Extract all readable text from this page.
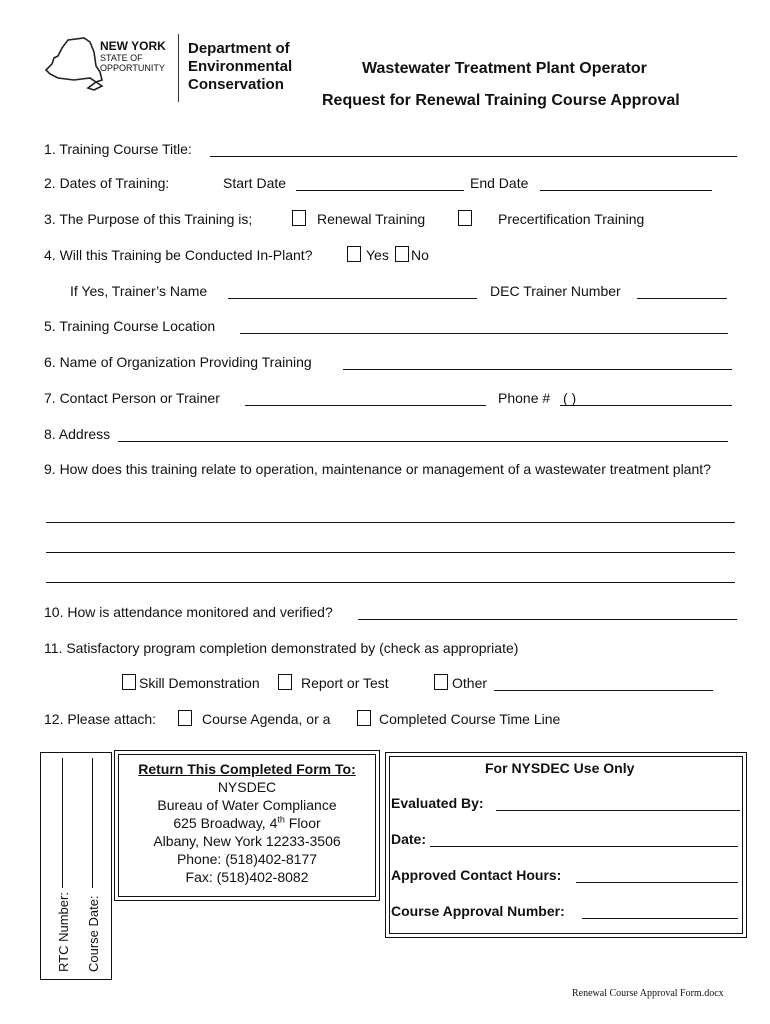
NEW YORK
STATE OF
OPPORTUNITY
Department of
Environmental
Conservation
Wastewater Treatment Plant Operator
Request for Renewal Training Course Approval
1. Training Course Title:
2. Dates of Training:	Start Date	End Date
3. The Purpose of this Training is;	Renewal Training	Precertification Training
4. Will this Training be Conducted In-Plant?	Yes No
If Yes, Trainer’s Name	DEC Trainer Number
5. Training Course Location
6. Name of Organization Providing Training
7. Contact Person or Trainer	Phone # ( )
8. Address
9. How does this training relate to operation, maintenance or management of a wastewater treatment plant?
10. How is attendance monitored and verified?
11. Satisfactory program completion demonstrated by (check as appropriate)
Skill Demonstration	Report or Test	Other
12. Please attach:	Course Agenda, or a	Completed Course Time Line
RTC Number: Course Date:
Return This Completed Form To:
NYSDEC
Bureau of Water Compliance
625 Broadway, 4th Floor
Albany, New York 12233-3506
Phone: (518)402-8177
Fax: (518)402-8082
For NYSDEC Use Only
Evaluated By:
Date:
Approved Contact Hours:
Course Approval Number:
Renewal Course Approval Form.docx
